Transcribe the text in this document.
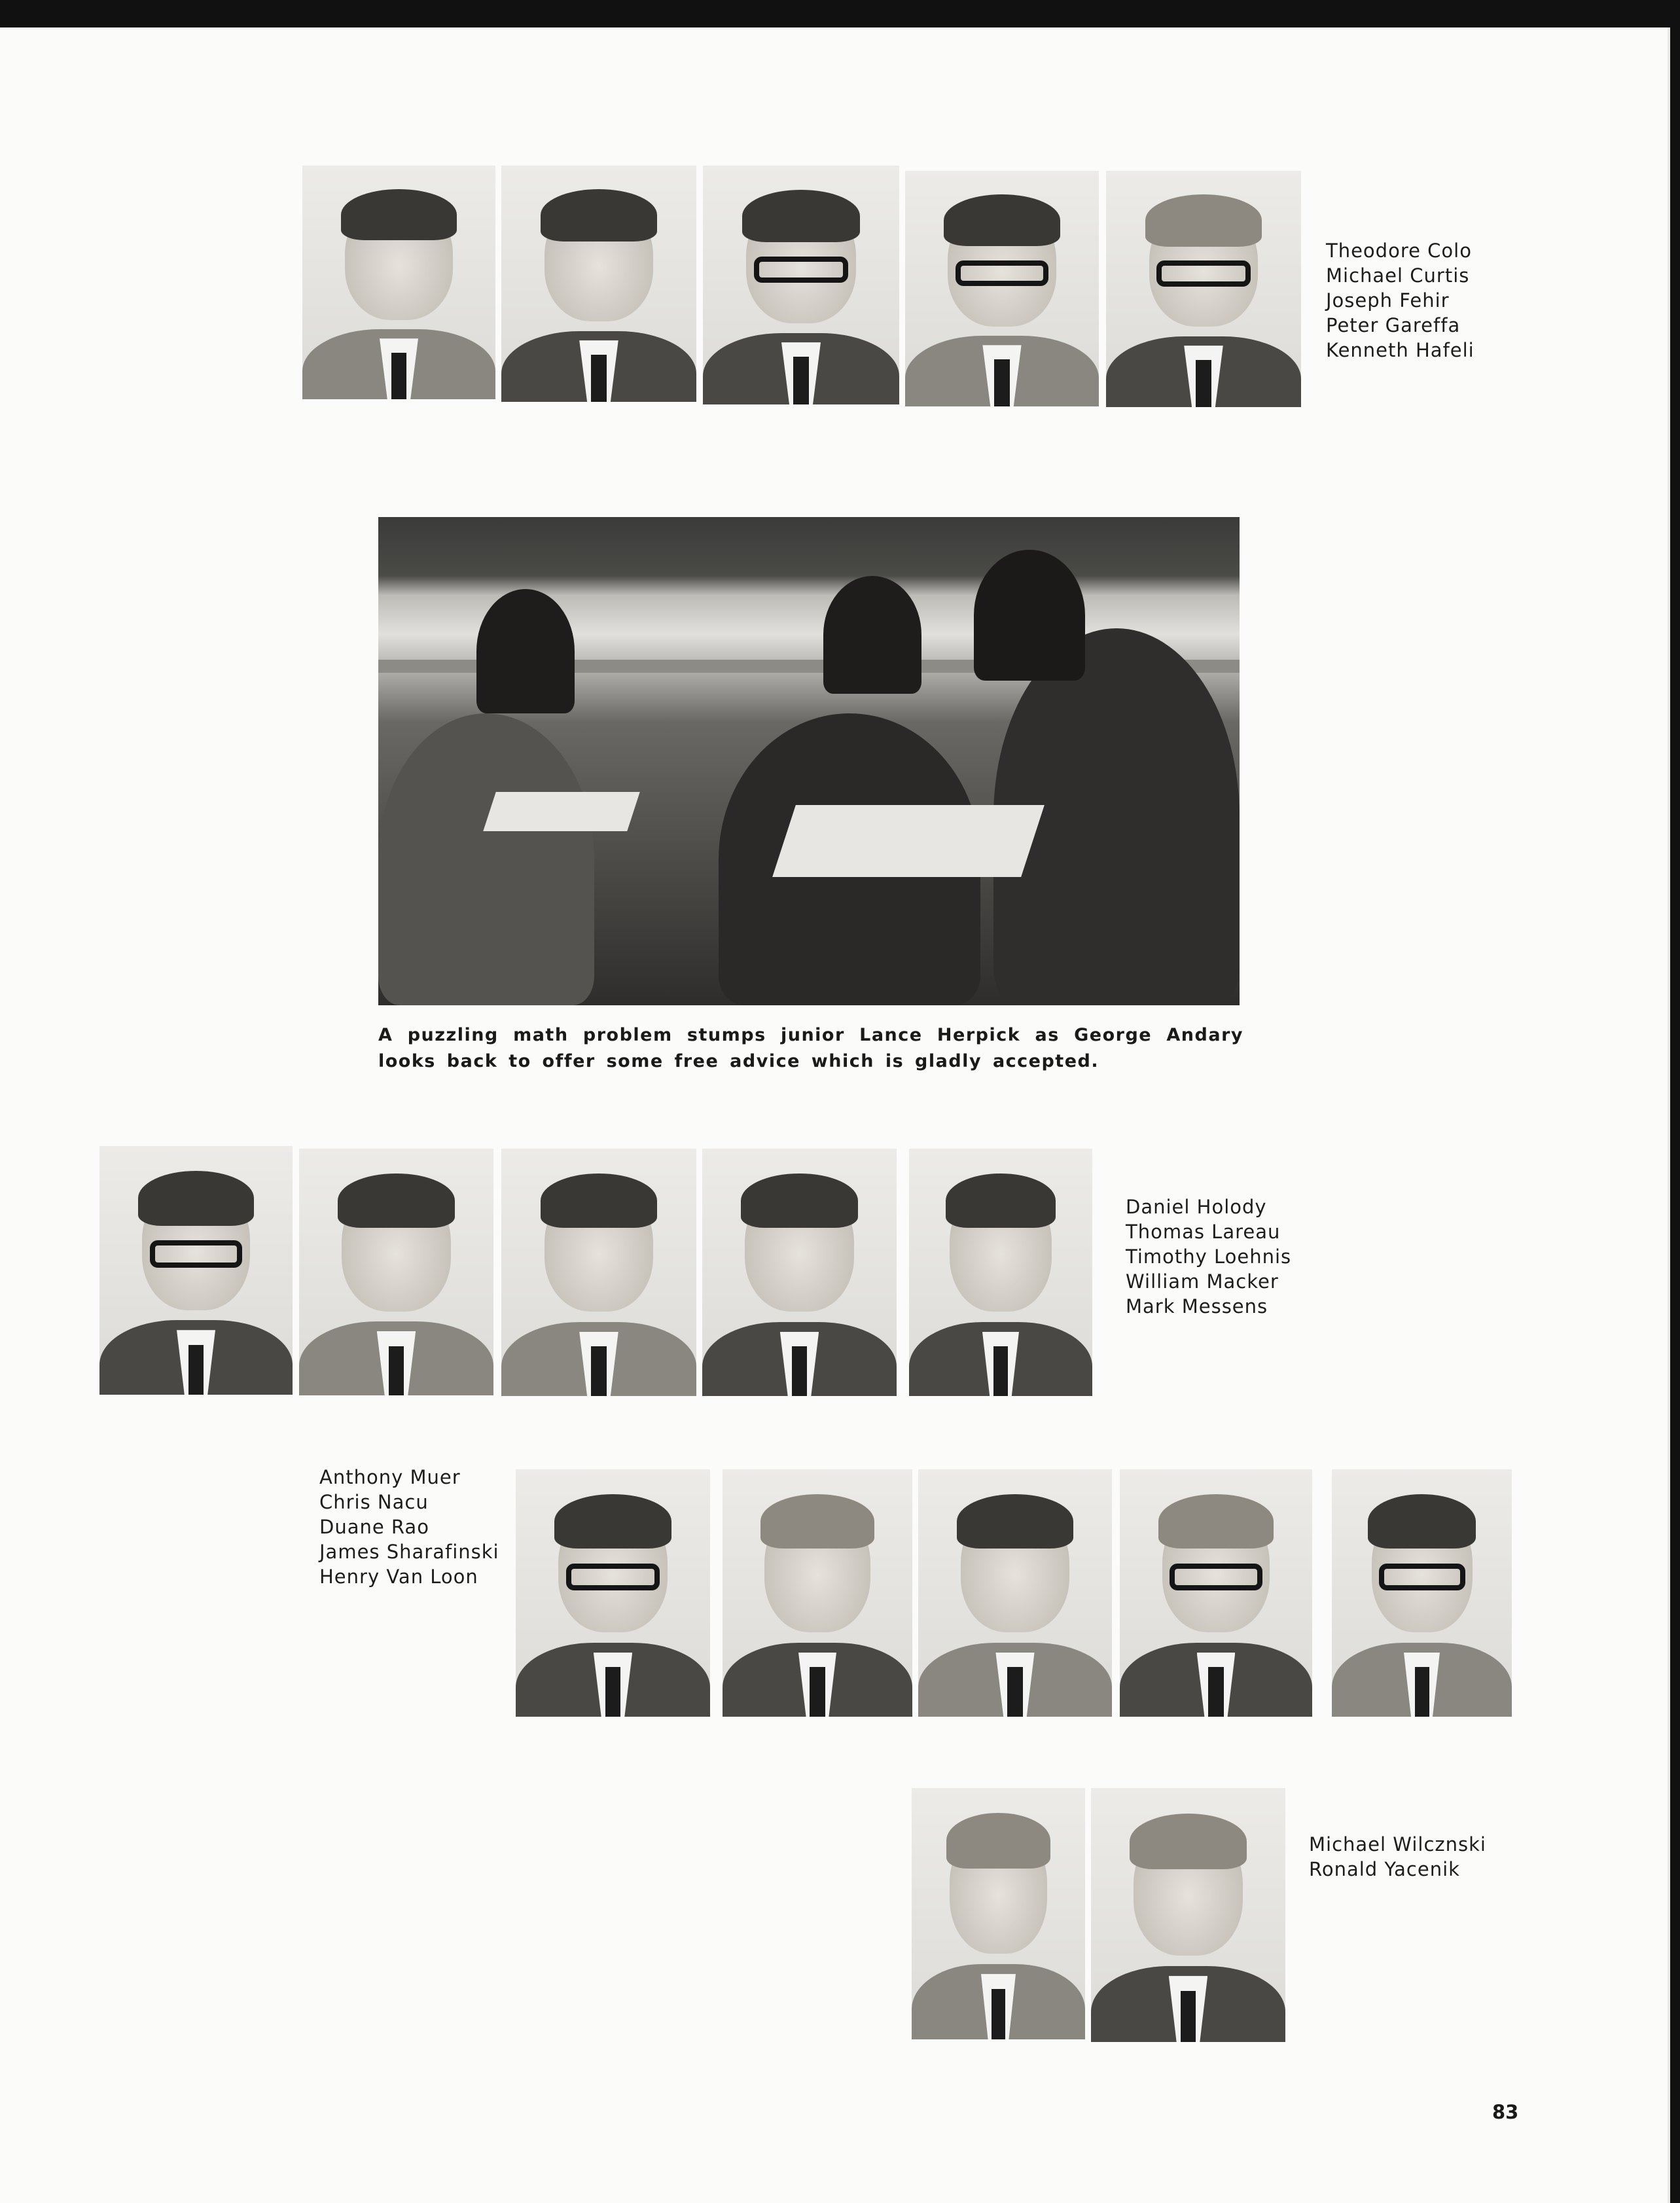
Theodore Colo
Michael Curtis
Joseph Fehir
Peter Gareffa
Kenneth Hafeli

A puzzling math problem stumps junior Lance Herpick as George Andary looks back to offer some free advice which is gladly accepted.

Daniel Holody
Thomas Lareau
Timothy Loehnis
William Macker
Mark Messens
Anthony Muer
Chris Nacu
Duane Rao
James Sharafinski
Henry Van Loon
Michael Wilcznski
Ronald Yacenik
83
